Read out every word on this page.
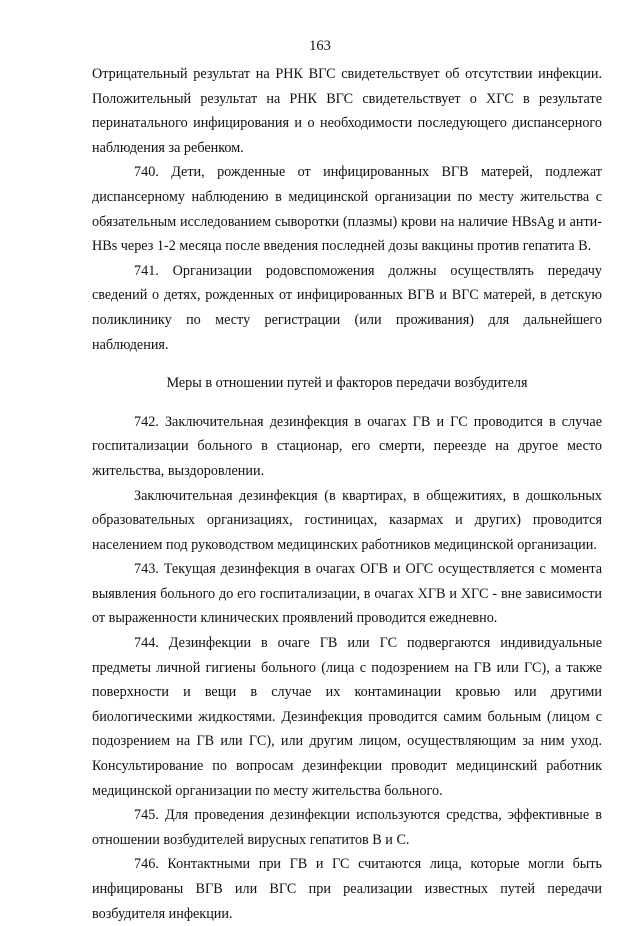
163

Отрицательный результат на РНК ВГС свидетельствует об отсутствии инфекции. Положительный результат на РНК ВГС свидетельствует о ХГС в результате перинатального инфицирования и о необходимости последующего диспансерного наблюдения за ребенком.

740. Дети, рожденные от инфицированных ВГВ матерей, подлежат диспансерному наблюдению в медицинской организации по месту жительства с обязательным исследованием сыворотки (плазмы) крови на наличие HBsAg и анти-HBs через 1-2 месяца после введения последней дозы вакцины против гепатита В.

741. Организации родовспоможения должны осуществлять передачу сведений о детях, рожденных от инфицированных ВГВ и ВГС матерей, в детскую поликлинику по месту регистрации (или проживания) для дальнейшего наблюдения.

Меры в отношении путей и факторов передачи возбудителя

742. Заключительная дезинфекция в очагах ГВ и ГС проводится в случае госпитализации больного в стационар, его смерти, переезде на другое место жительства, выздоровлении.

Заключительная дезинфекция (в квартирах, в общежитиях, в дошкольных образовательных организациях, гостиницах, казармах и других) проводится населением под руководством медицинских работников медицинской организации.

743. Текущая дезинфекция в очагах ОГВ и ОГС осуществляется с момента выявления больного до его госпитализации, в очагах ХГВ и ХГС - вне зависимости от выраженности клинических проявлений проводится ежедневно.

744. Дезинфекции в очаге ГВ или ГС подвергаются индивидуальные предметы личной гигиены больного (лица с подозрением на ГВ или ГС), а также поверхности и вещи в случае их контаминации кровью или другими биологическими жидкостями. Дезинфекция проводится самим больным (лицом с подозрением на ГВ или ГС), или другим лицом, осуществляющим за ним уход. Консультирование по вопросам дезинфекции проводит медицинский работник медицинской организации по месту жительства больного.

745. Для проведения дезинфекции используются средства, эффективные в отношении возбудителей вирусных гепатитов В и С.

746. Контактными при ГВ и ГС считаются лица, которые могли быть инфицированы ВГВ или ВГС при реализации известных путей передачи возбудителя инфекции.
